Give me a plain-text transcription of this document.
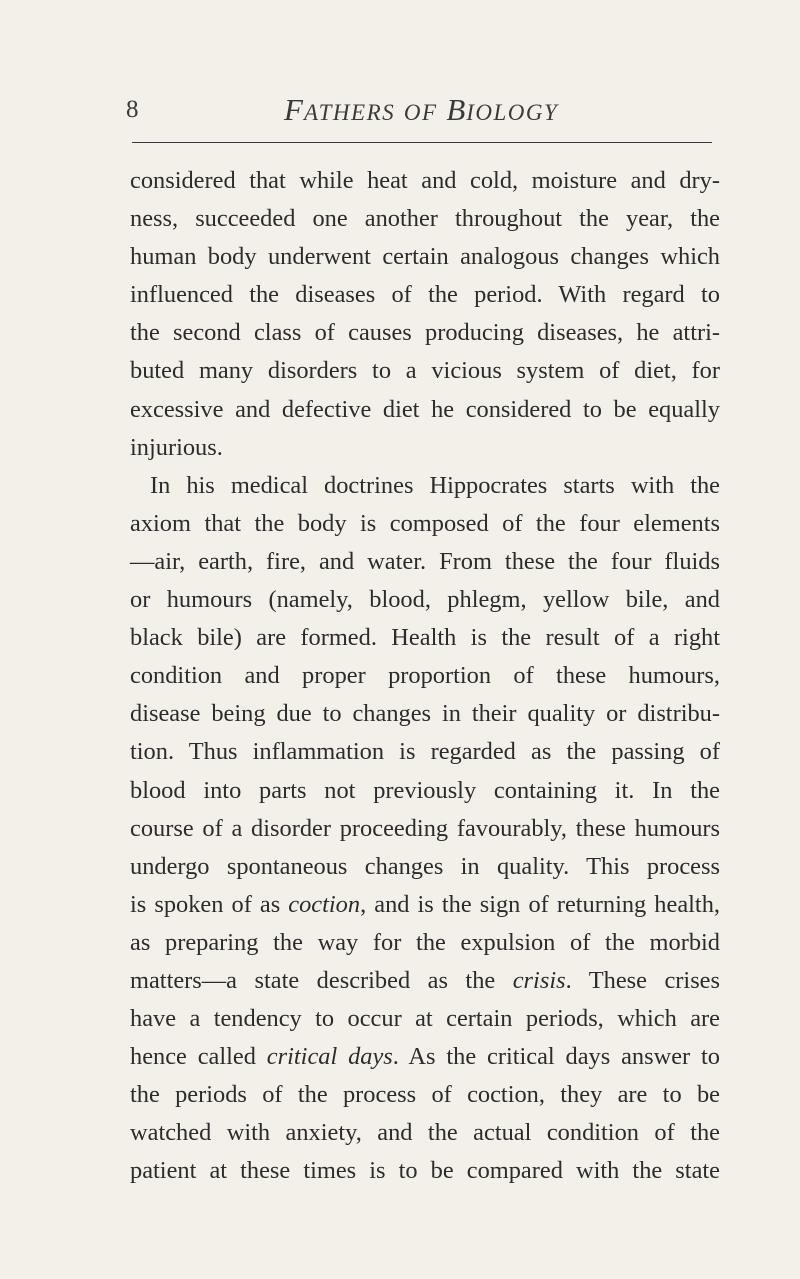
8	FATHERS OF BIOLOGY
considered that while heat and cold, moisture and dry-
ness, succeeded one another throughout the year, the
human body underwent certain analogous changes which
influenced the diseases of the period. With regard to
the second class of causes producing diseases, he attri-
buted many disorders to a vicious system of diet, for
excessive and defective diet he considered to be equally
injurious.
In his medical doctrines Hippocrates starts with the
axiom that the body is composed of the four elements
—air, earth, fire, and water. From these the four fluids
or humours (namely, blood, phlegm, yellow bile, and
black bile) are formed. Health is the result of a right
condition and proper proportion of these humours,
disease being due to changes in their quality or distribu-
tion. Thus inflammation is regarded as the passing of
blood into parts not previously containing it. In the
course of a disorder proceeding favourably, these humours
undergo spontaneous changes in quality. This process
is spoken of as coction, and is the sign of returning health,
as preparing the way for the expulsion of the morbid
matters—a state described as the crisis. These crises
have a tendency to occur at certain periods, which are
hence called critical days. As the critical days answer to
the periods of the process of coction, they are to be
watched with anxiety, and the actual condition of the
patient at these times is to be compared with the state
